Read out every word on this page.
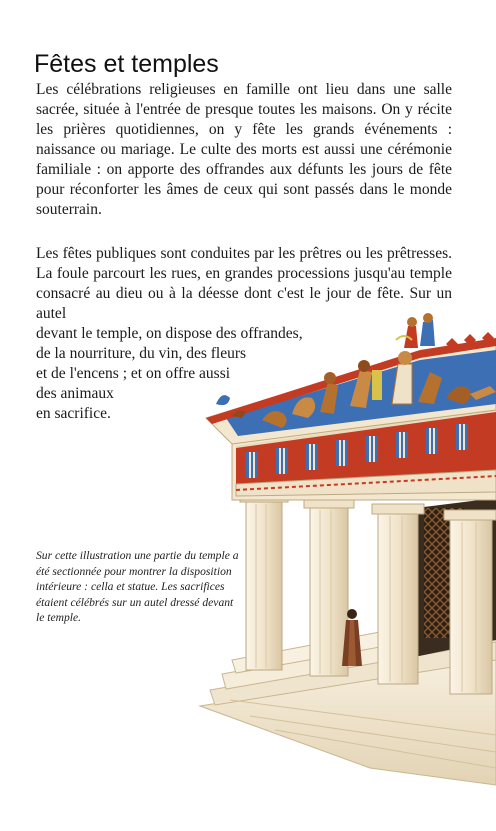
Fêtes et temples

Les célébrations religieuses en famille ont lieu dans une salle sacrée, située à l'entrée de presque toutes les maisons. On y récite les prières quotidiennes, on y fête les grands événements : naissance ou mariage. Le culte des morts est aussi une cérémonie familiale : on apporte des offrandes aux défunts les jours de fête pour réconforter les âmes de ceux qui sont passés dans le monde souterrain.

Les fêtes publiques sont conduites par les prêtres ou les prêtresses. La foule parcourt les rues, en grandes processions jusqu'au temple consacré au dieu ou à la déesse dont c'est le jour de fête. Sur un autel

devant le temple, on dispose des offrandes,

de la nourriture, du vin, des fleurs

et de l'encens ; et on offre aussi

des animaux

en sacrifice.

Sur cette illustration une partie du temple a été sectionnée pour montrer la disposition intérieure : cella et statue. Les sacrifices étaient célébrés sur un autel dressé devant le temple.
